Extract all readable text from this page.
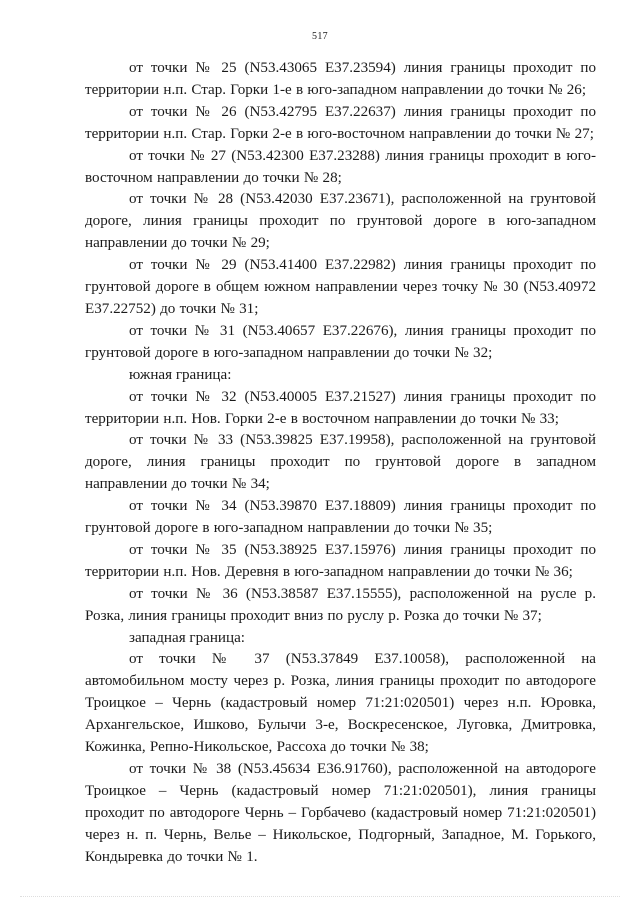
517

от точки № 25 (N53.43065 E37.23594) линия границы проходит по территории н.п. Стар. Горки 1-е в юго-западном направлении до точки № 26;

от точки № 26 (N53.42795 E37.22637) линия границы проходит по территории н.п. Стар. Горки 2-е в юго-восточном направлении до точки № 27;

от точки № 27 (N53.42300 E37.23288) линия границы проходит в юго-восточном направлении до точки № 28;

от точки № 28 (N53.42030 E37.23671), расположенной на грунтовой дороге, линия границы проходит по грунтовой дороге в юго-западном направлении до точки № 29;

от точки № 29 (N53.41400 E37.22982) линия границы проходит по грунтовой дороге в общем южном направлении через точку № 30 (N53.40972 E37.22752) до точки № 31;

от точки № 31 (N53.40657 E37.22676), линия границы проходит по грунтовой дороге в юго-западном направлении до точки № 32;

южная граница:

от точки № 32 (N53.40005 E37.21527) линия границы проходит по территории н.п. Нов. Горки 2-е в восточном направлении до точки № 33;

от точки № 33 (N53.39825 E37.19958), расположенной на грунтовой дороге, линия границы проходит по грунтовой дороге в западном направлении до точки № 34;

от точки № 34 (N53.39870 E37.18809) линия границы проходит по грунтовой дороге в юго-западном направлении до точки № 35;

от точки № 35 (N53.38925 E37.15976) линия границы проходит по территории н.п. Нов. Деревня в юго-западном направлении до точки № 36;

от точки № 36 (N53.38587 E37.15555), расположенной на русле р. Розка, линия границы проходит вниз по руслу р. Розка до точки № 37;

западная граница:

от точки № 37 (N53.37849 E37.10058), расположенной на автомобильном мосту через р. Розка, линия границы проходит по автодороге Троицкое – Чернь (кадастровый номер 71:21:020501) через н.п. Юровка, Архангельское, Ишково, Булычи 3-е, Воскресенское, Луговка, Дмитровка, Кожинка, Репно-Никольское, Рассоха до точки № 38;

от точки № 38 (N53.45634 E36.91760), расположенной на автодороге Троицкое – Чернь (кадастровый номер 71:21:020501), линия границы проходит по автодороге Чернь – Горбачево (кадастровый номер 71:21:020501) через н. п. Чернь, Велье – Никольское, Подгорный, Западное, М. Горького, Кондыревка до точки № 1.
